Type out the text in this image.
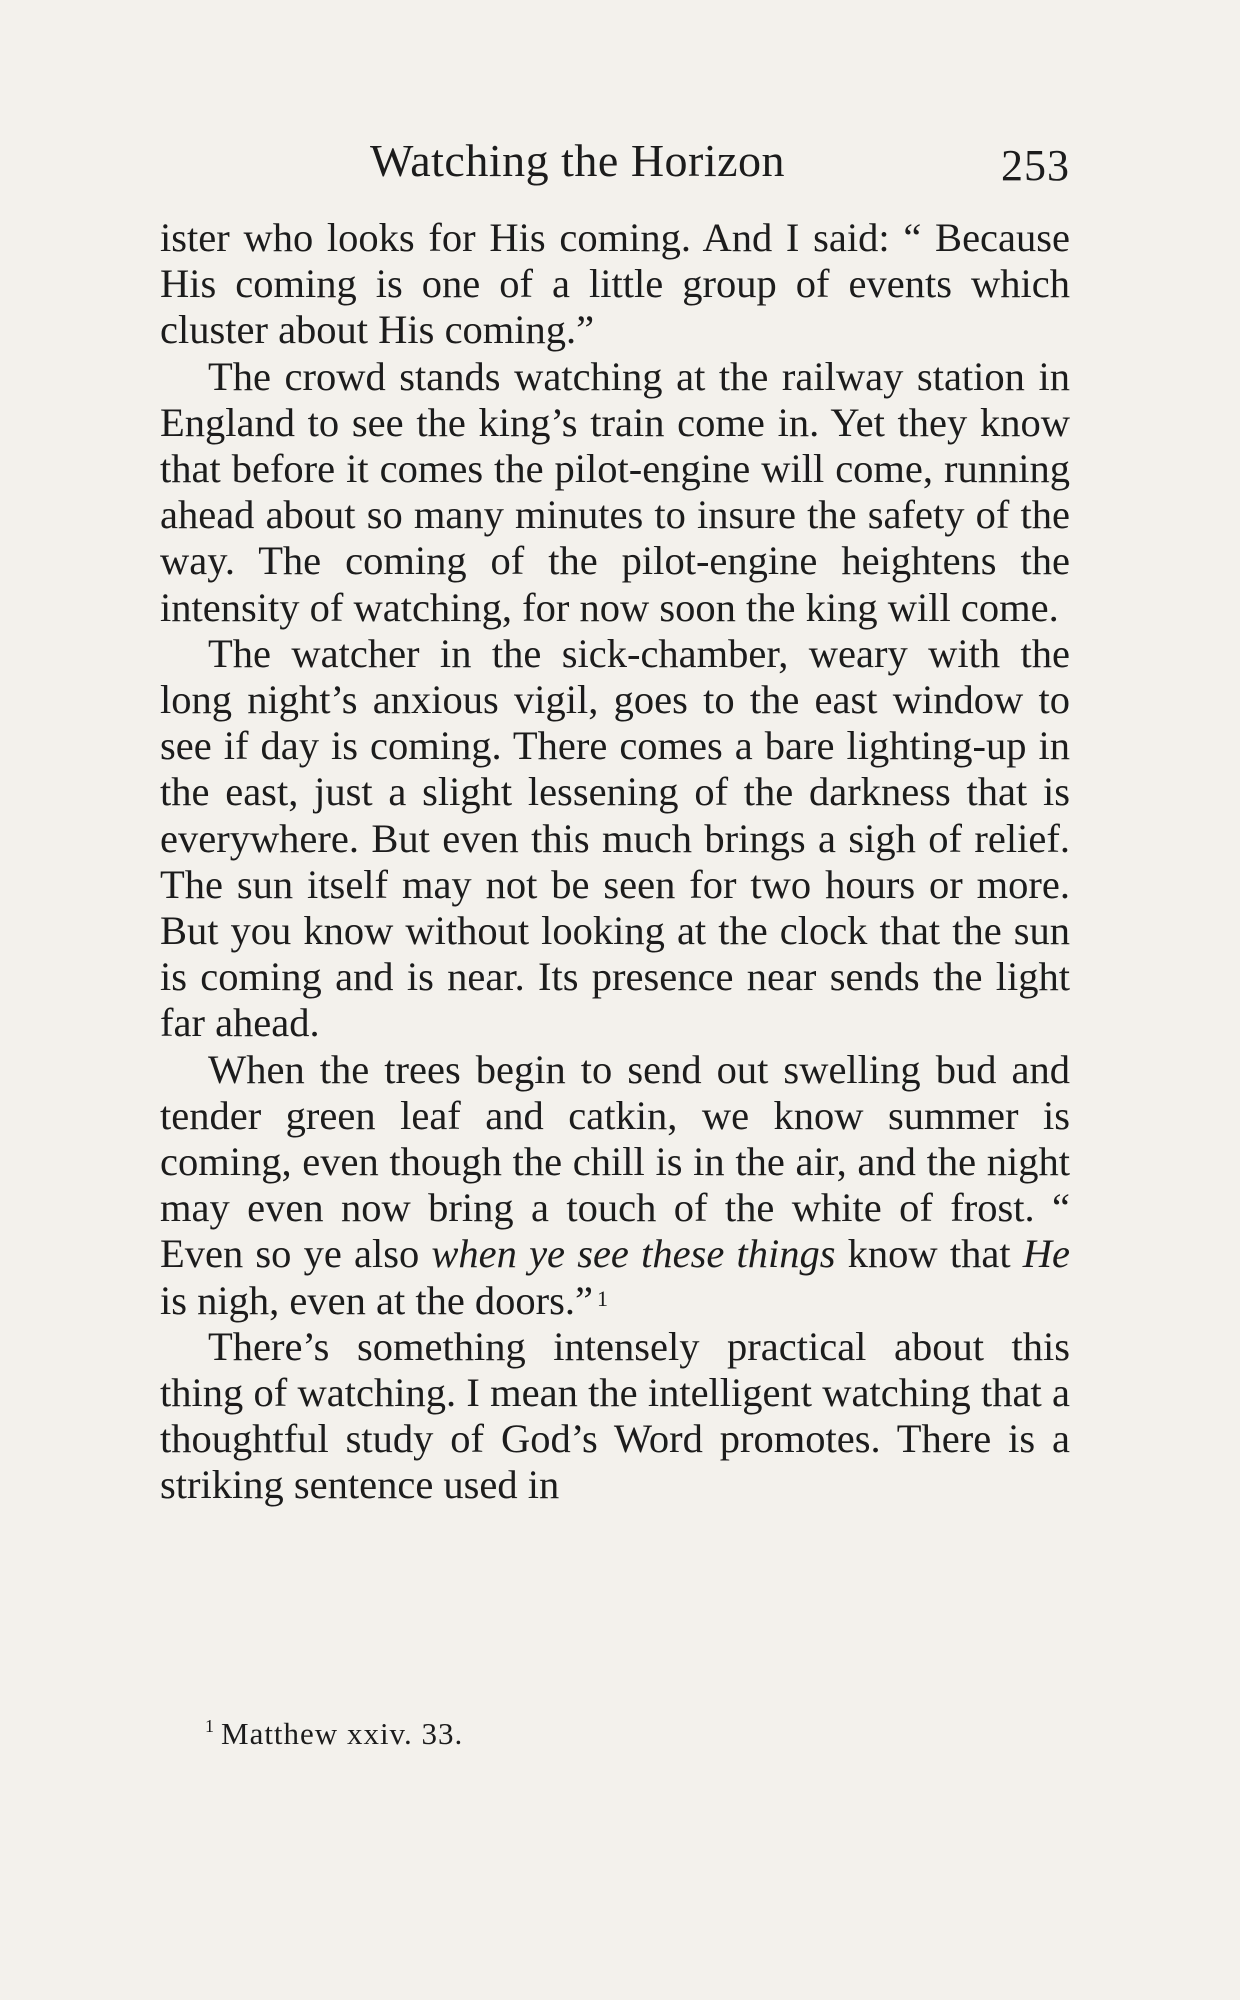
Watching the Horizon	253

ister who looks for His coming. And I said: “ Because His coming is one of a little group of events which cluster about His coming.”

The crowd stands watching at the railway station in England to see the king’s train come in. Yet they know that before it comes the pilot-engine will come, running ahead about so many minutes to insure the safety of the way. The coming of the pilot-engine heightens the intensity of watching, for now soon the king will come.

The watcher in the sick-chamber, weary with the long night’s anxious vigil, goes to the east window to see if day is coming. There comes a bare lighting-up in the east, just a slight lessening of the darkness that is everywhere. But even this much brings a sigh of relief. The sun itself may not be seen for two hours or more. But you know without looking at the clock that the sun is coming and is near. Its presence near sends the light far ahead.

When the trees begin to send out swelling bud and tender green leaf and catkin, we know summer is coming, even though the chill is in the air, and the night may even now bring a touch of the white of frost. “ Even so ye also when ye see these things know that He is nigh, even at the doors.” $^1$

There’s something intensely practical about this thing of watching. I mean the intelligent watching that a thoughtful study of God’s Word promotes. There is a striking sentence used in

$^1$ Matthew xxiv. 33.
